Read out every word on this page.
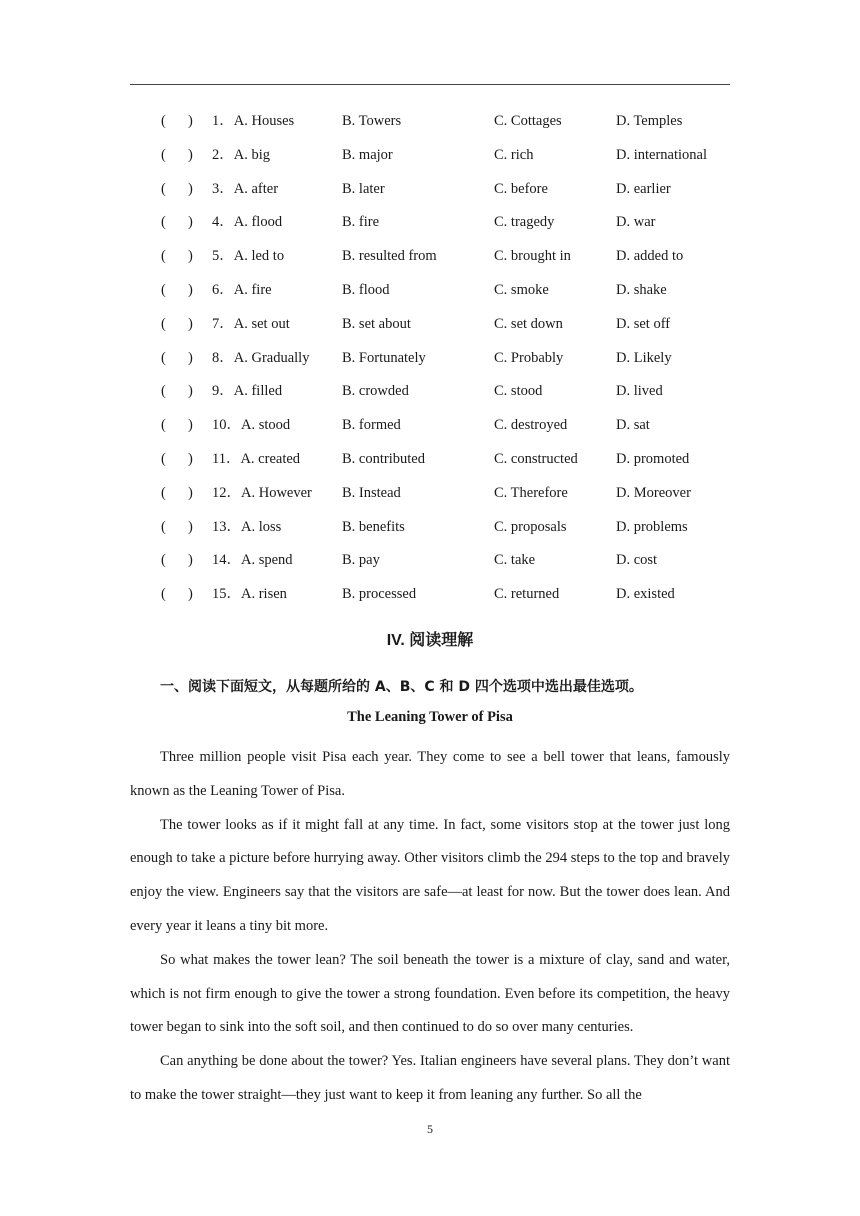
( ) 1．A. Houses	B. Towers	C. Cottages	D. Temples
( ) 2．A. big	B. major	C. rich	D. international
( ) 3．A. after	B. later	C. before	D. earlier
( ) 4．A. flood	B. fire	C. tragedy	D. war
( ) 5．A. led to	B. resulted from	C. brought in	D. added to
( ) 6．A. fire	B. flood	C. smoke	D. shake
( ) 7．A. set out	B. set about	C. set down	D. set off
( ) 8．A. Gradually B. Fortunately	C. Probably	D. Likely
( ) 9．A. filled	B. crowded	C. stood	D. lived
( ) 10．A. stood	B. formed	C. destroyed	D. sat
( ) 11．A. created	B. contributed	C. constructed	D. promoted
( ) 12．A. However B. Instead	C. Therefore	D. Moreover
( ) 13．A. loss	B. benefits	C. proposals	D. problems
( ) 14．A. spend	B. pay	C. take	D. cost
( ) 15．A. risen	B. processed	C. returned	D. existed
IV. 阅读理解
一、阅读下面短文，从每题所给的 A、B、C 和 D 四个选项中选出最佳选项。
The Leaning Tower of Pisa

Three million people visit Pisa each year. They come to see a bell tower that leans, famously known as the Leaning Tower of Pisa.

The tower looks as if it might fall at any time. In fact, some visitors stop at the tower just long enough to take a picture before hurrying away. Other visitors climb the 294 steps to the top and bravely enjoy the view. Engineers say that the visitors are safe—at least for now. But the tower does lean. And every year it leans a tiny bit more.

So what makes the tower lean? The soil beneath the tower is a mixture of clay, sand and water, which is not firm enough to give the tower a strong foundation. Even before its competition, the heavy tower began to sink into the soft soil, and then continued to do so over many centuries.

Can anything be done about the tower? Yes. Italian engineers have several plans. They don’t want to make the tower straight—they just want to keep it from leaning any further. So all the

5
